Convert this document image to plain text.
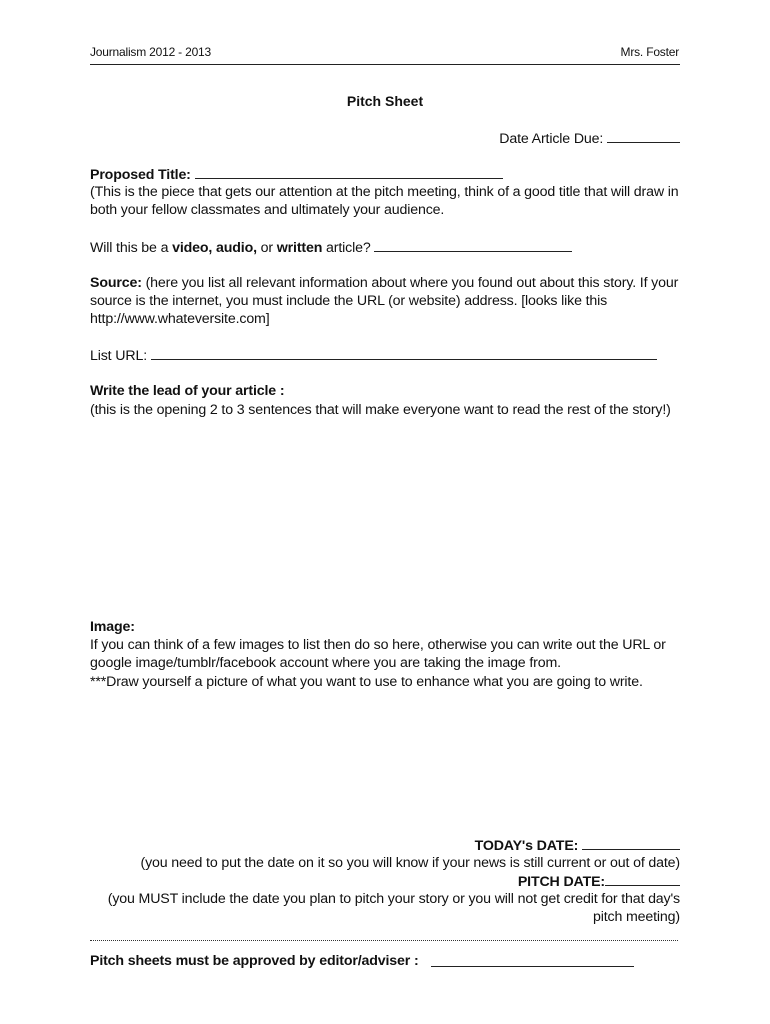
Journalism 2012 - 2013	Mrs. Foster
Pitch Sheet
Date Article Due:
Proposed Title:
(This is the piece that gets our attention at the pitch meeting, think of a good title that will draw in both your fellow classmates and ultimately your audience.
Will this be a video, audio, or written article?
Source: (here you list all relevant information about where you found out about this story. If your source is the internet, you must include the URL (or website) address. [looks like this http://www.whateversite.com]
List URL:
Write the lead of your article :
(this is the opening 2 to 3 sentences that will make everyone want to read the rest of the story!)
Image:
If you can think of a few images to list then do so here, otherwise you can write out the URL or google image/tumblr/facebook account where you are taking the image from.
***Draw yourself a picture of what you want to use to enhance what you are going to write.
TODAY's DATE:
(you need to put the date on it so you will know if your news is still current or out of date)
PITCH DATE:
(you MUST include the date you plan to pitch your story or you will not get credit for that day's pitch meeting)
Pitch sheets must be approved by editor/adviser :
